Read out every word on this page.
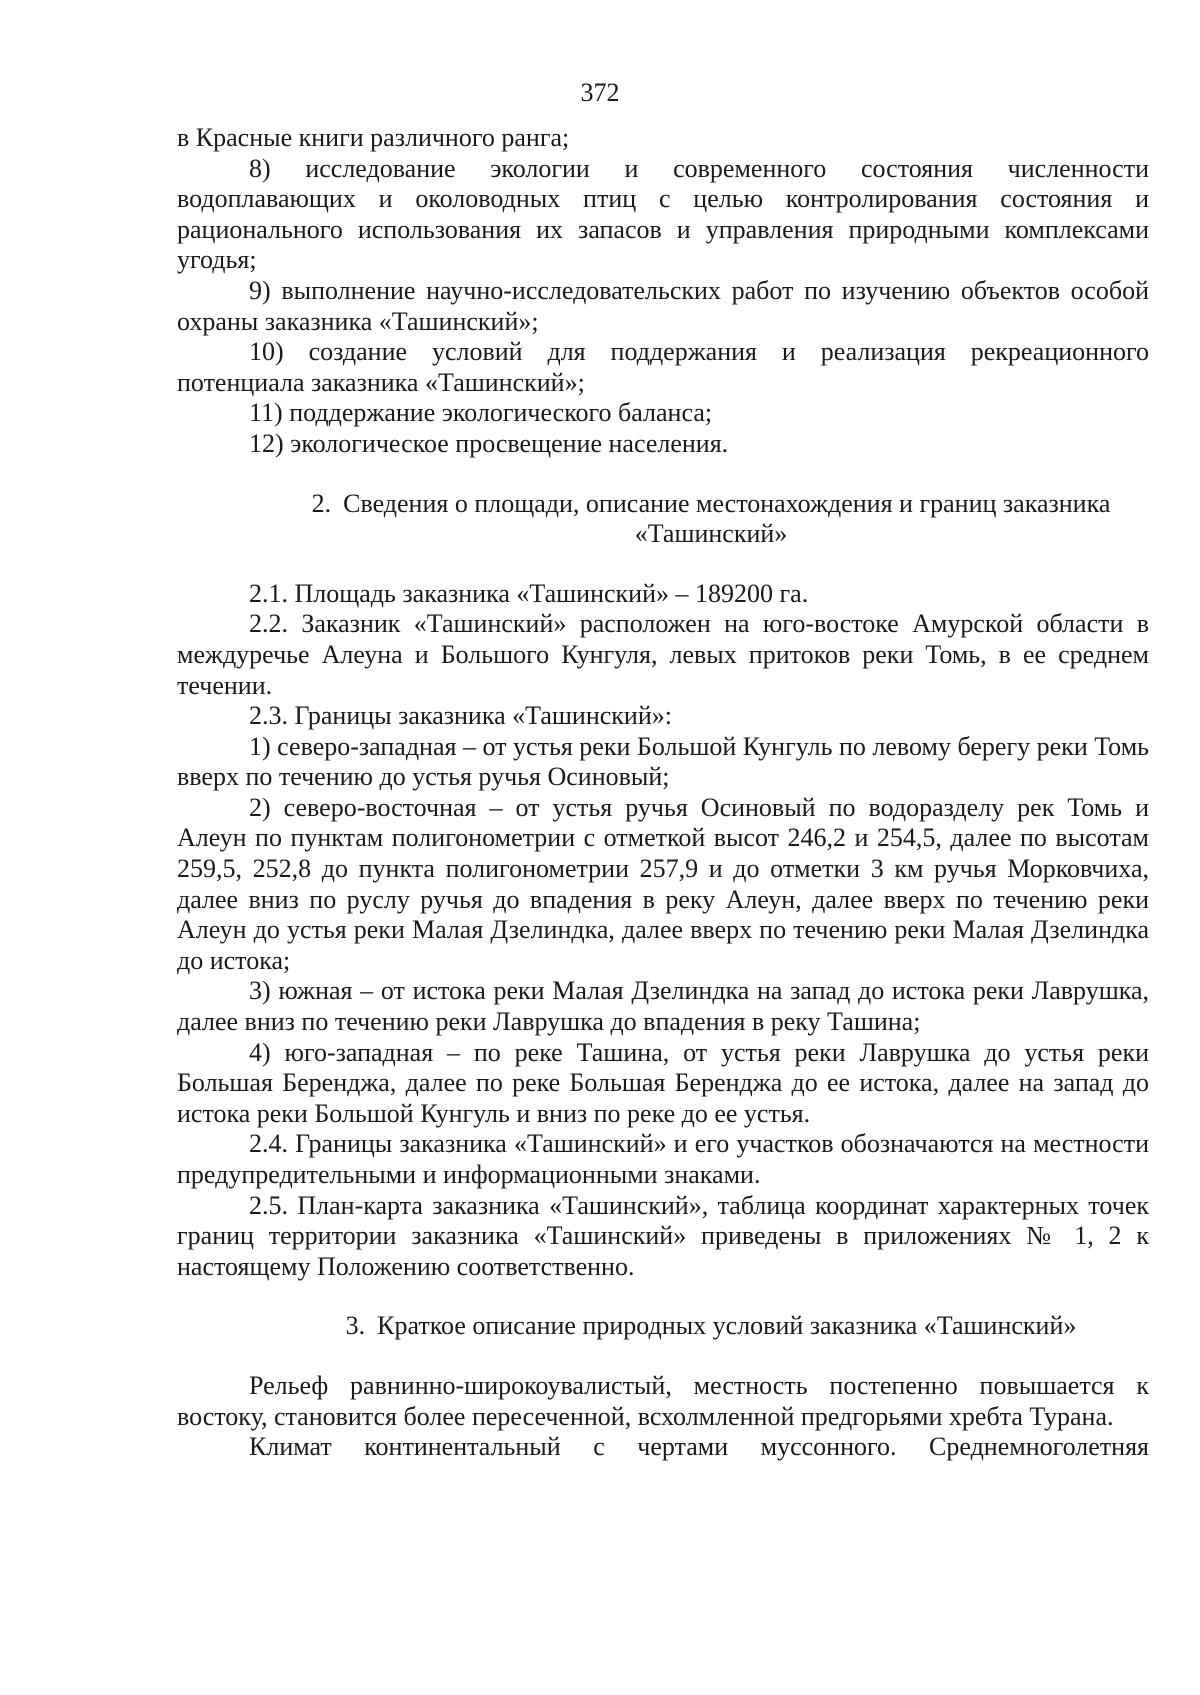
372

в Красные книги различного ранга;

8) исследование экологии и современного состояния численности водоплавающих и околоводных птиц с целью контролирования состояния и рационального использования их запасов и управления природными комплексами угодья;

9) выполнение научно-исследовательских работ по изучению объектов особой охраны заказника «Ташинский»;

10) создание условий для поддержания и реализация рекреационного потенциала заказника «Ташинский»;

11) поддержание экологического баланса;

12) экологическое просвещение населения.

2. Сведения о площади, описание местонахождения и границ заказника «Ташинский»

2.1. Площадь заказника «Ташинский» – 189200 га.

2.2. Заказник «Ташинский» расположен на юго-востоке Амурской области в междуречье Алеуна и Большого Кунгуля, левых притоков реки Томь, в ее среднем течении.

2.3. Границы заказника «Ташинский»:

1) северо-западная – от устья реки Большой Кунгуль по левому берегу реки Томь вверх по течению до устья ручья Осиновый;

2) северо-восточная – от устья ручья Осиновый по водоразделу рек Томь и Алеун по пунктам полигонометрии с отметкой высот 246,2 и 254,5, далее по высотам 259,5, 252,8 до пункта полигонометрии 257,9 и до отметки 3 км ручья Морковчиха, далее вниз по руслу ручья до впадения в реку Алеун, далее вверх по течению реки Алеун до устья реки Малая Дзелиндка, далее вверх по течению реки Малая Дзелиндка до истока;

3) южная – от истока реки Малая Дзелиндка на запад до истока реки Лаврушка, далее вниз по течению реки Лаврушка до впадения в реку Ташина;

4) юго-западная – по реке Ташина, от устья реки Лаврушка до устья реки Большая Беренджа, далее по реке Большая Беренджа до ее истока, далее на запад до истока реки Большой Кунгуль и вниз по реке до ее устья.

2.4. Границы заказника «Ташинский» и его участков обозначаются на местности предупредительными и информационными знаками.

2.5. План-карта заказника «Ташинский», таблица координат характерных точек границ территории заказника «Ташинский» приведены в приложениях № 1, 2 к настоящему Положению соответственно.

3. Краткое описание природных условий заказника «Ташинский»

Рельеф равнинно-широкоувалистый, местность постепенно повышается к востоку, становится более пересеченной, всхолмленной предгорьями хребта Турана.

Климат континентальный с чертами муссонного. Среднемноголетняя
